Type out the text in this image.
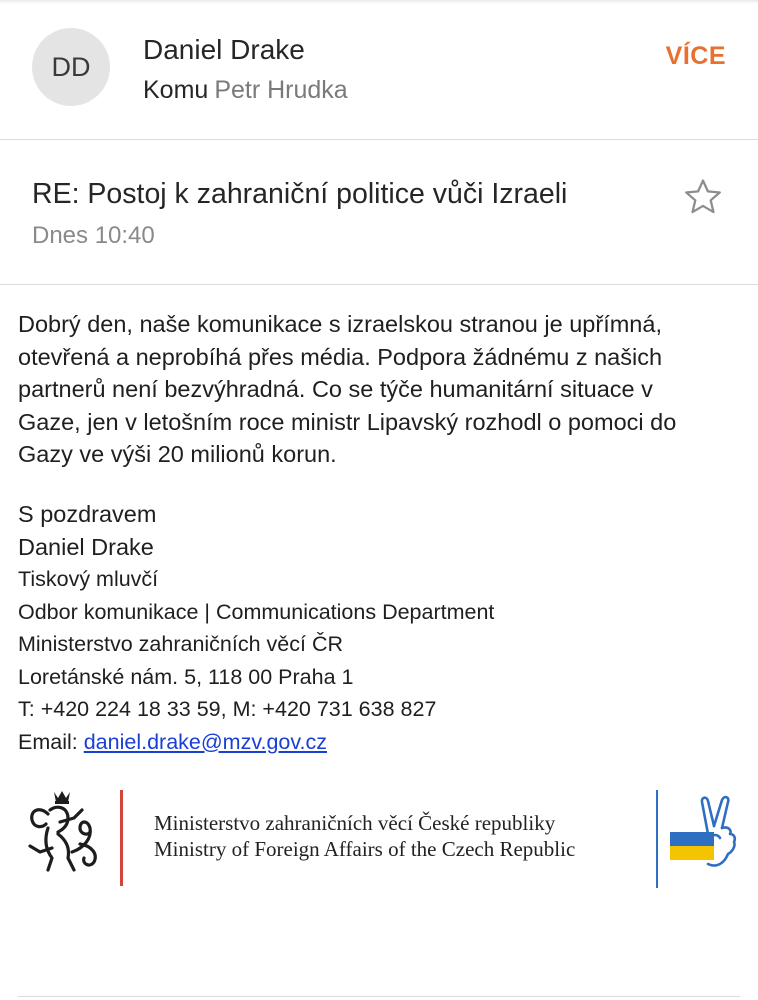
DD
Daniel Drake
Komu Petr Hrudka
VÍCE
RE: Postoj k zahraniční politice vůči Izraeli
Dnes 10:40
Dobrý den, naše komunikace s izraelskou stranou je upřímná,
otevřená a neprobíhá přes média. Podpora žádnému z našich
partnerů není bezvýhradná. Co se týče humanitární situace v
Gaze, jen v letošním roce ministr Lipavský rozhodl o pomoci do
Gazy ve výši 20 milionů korun.
S pozdravem
Daniel Drake
Tiskový mluvčí
Odbor komunikace | Communications Department
Ministerstvo zahraničních věcí ČR
Loretánské nám. 5, 118 00 Praha 1
T: +420 224 18 33 59, M: +420 731 638 827
Email: daniel.drake@mzv.gov.cz
Ministerstvo zahraničních věcí České republiky
Ministry of Foreign Affairs of the Czech Republic
